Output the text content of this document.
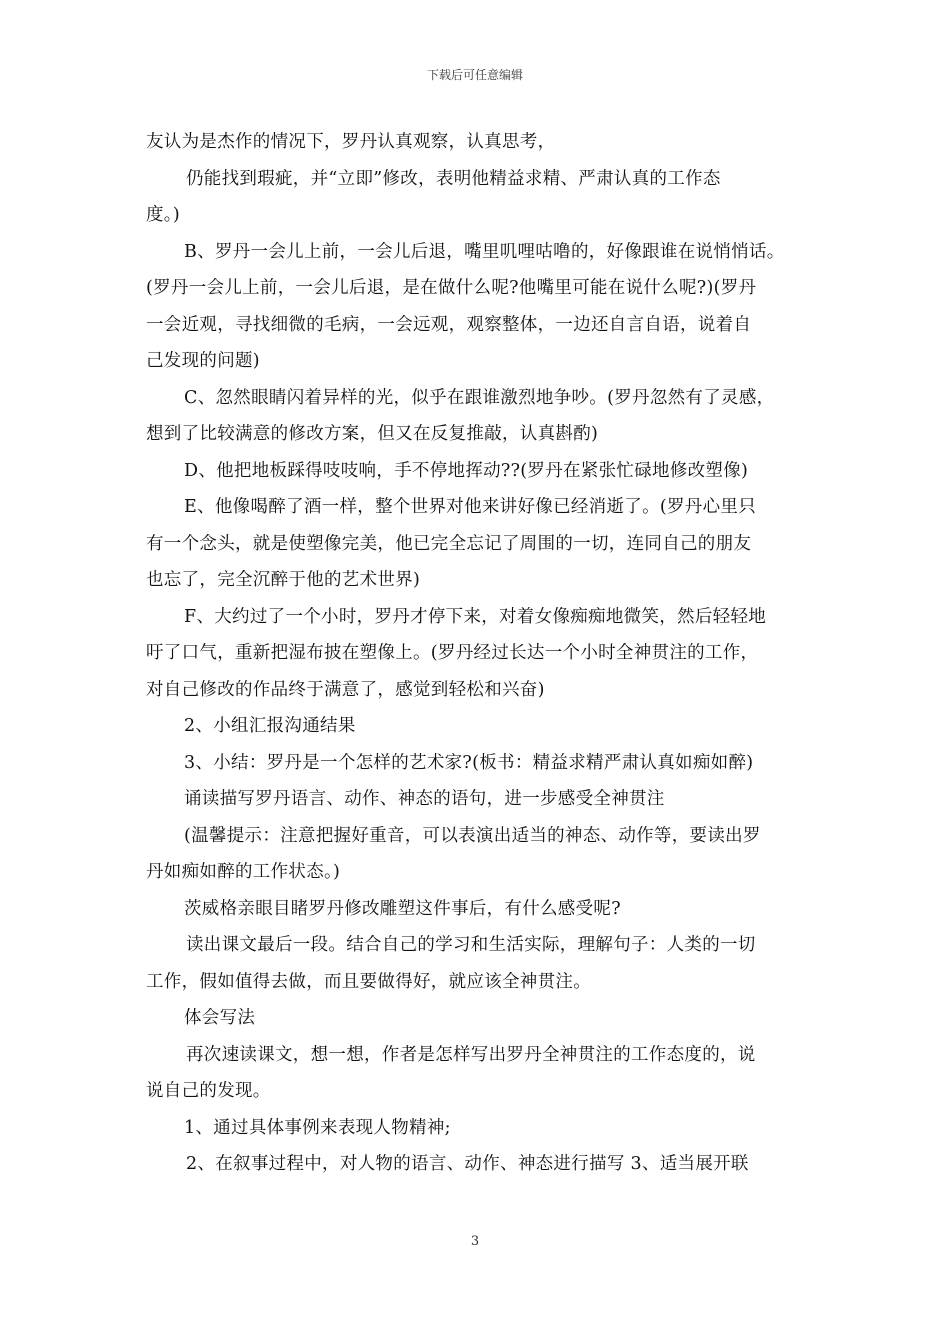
下载后可任意编辑
友认为是杰作的情况下，罗丹认真观察，认真思考，
仍能找到瑕疵，并“立即”修改，表明他精益求精、严肃认真的工作态
度。)
B、罗丹一会儿上前，一会儿后退，嘴里叽哩咕噜的，好像跟谁在说悄悄话。
(罗丹一会儿上前，一会儿后退，是在做什么呢?他嘴里可能在说什么呢?)(罗丹
一会近观，寻找细微的毛病，一会远观，观察整体，一边还自言自语，说着自
己发现的问题)
C、忽然眼睛闪着异样的光，似乎在跟谁激烈地争吵。(罗丹忽然有了灵感，
想到了比较满意的修改方案，但又在反复推敲，认真斟酌)
D、他把地板踩得吱吱响，手不停地挥动??(罗丹在紧张忙碌地修改塑像)
E、他像喝醉了酒一样，整个世界对他来讲好像已经消逝了。(罗丹心里只
有一个念头，就是使塑像完美，他已完全忘记了周围的一切，连同自己的朋友
也忘了，完全沉醉于他的艺术世界)
F、大约过了一个小时，罗丹才停下来，对着女像痴痴地微笑，然后轻轻地
吁了口气，重新把湿布披在塑像上。(罗丹经过长达一个小时全神贯注的工作，
对自己修改的作品终于满意了，感觉到轻松和兴奋)
2、小组汇报沟通结果
3、小结：罗丹是一个怎样的艺术家?(板书：精益求精严肃认真如痴如醉)
诵读描写罗丹语言、动作、神态的语句，进一步感受全神贯注
(温馨提示：注意把握好重音，可以表演出适当的神态、动作等，要读出罗
丹如痴如醉的工作状态。)
茨威格亲眼目睹罗丹修改雕塑这件事后，有什么感受呢?
读出课文最后一段。结合自己的学习和生活实际，理解句子：人类的一切
工作，假如值得去做，而且要做得好，就应该全神贯注。
体会写法
再次速读课文，想一想，作者是怎样写出罗丹全神贯注的工作态度的，说
说自己的发现。
1、通过具体事例来表现人物精神;
2、在叙事过程中，对人物的语言、动作、神态进行描写 3、适当展开联
3
